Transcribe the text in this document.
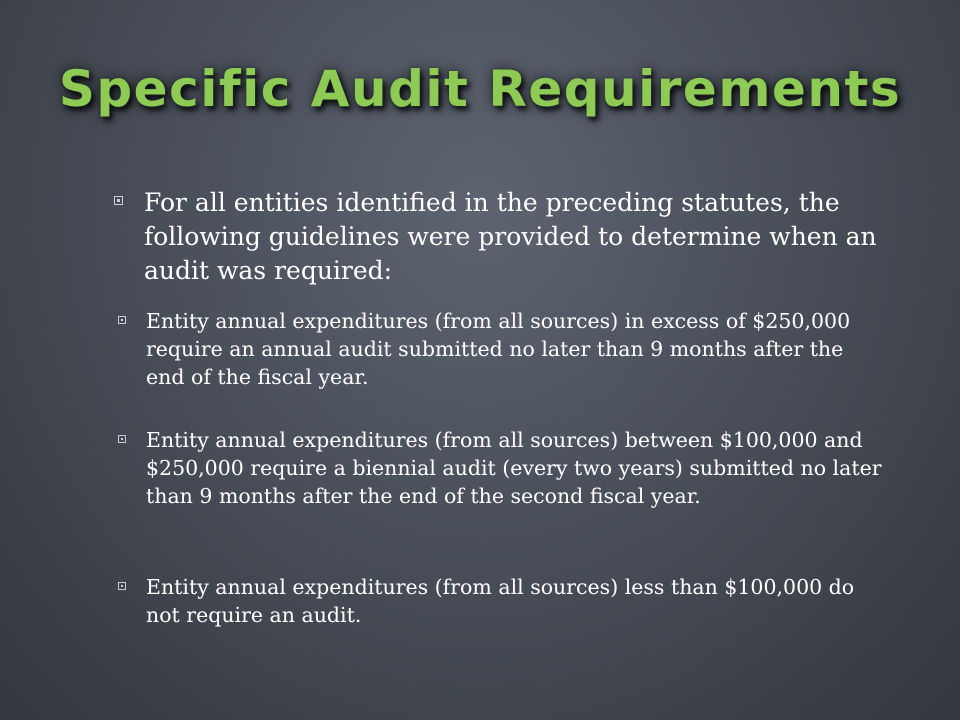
Specific Audit Requirements
For all entities identified in the preceding statutes, the following guidelines were provided to determine when an audit was required:
Entity annual expenditures (from all sources) in excess of $250,000 require an annual audit submitted no later than 9 months after the end of the fiscal year.
Entity annual expenditures (from all sources) between $100,000 and $250,000 require a biennial audit (every two years) submitted no later than 9 months after the end of the second fiscal year.
Entity annual expenditures (from all sources) less than $100,000 do not require an audit.
